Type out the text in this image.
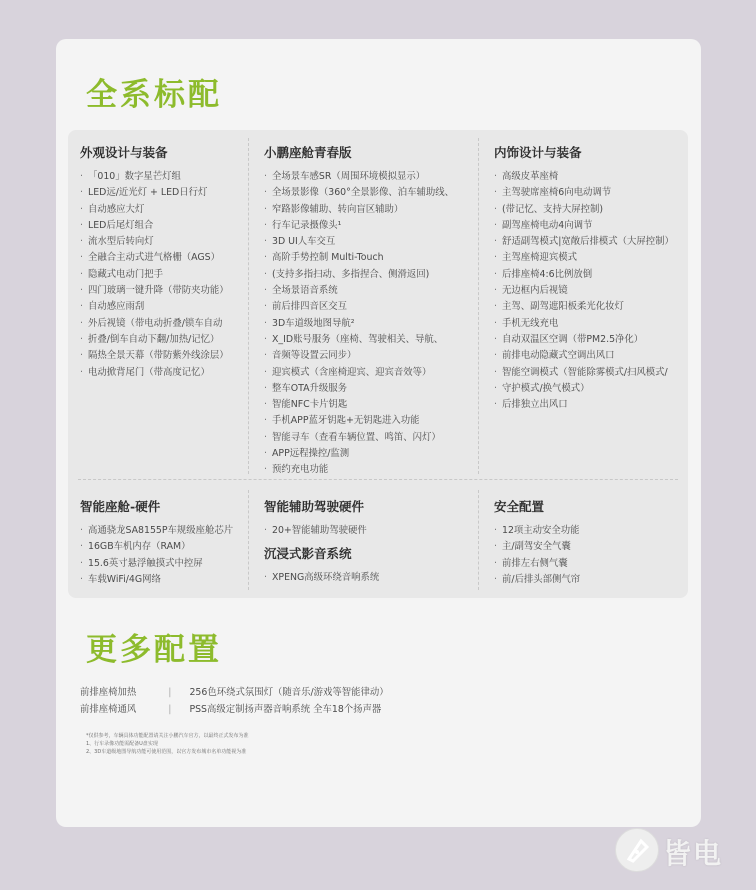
全系标配
外观设计与装备
· 「010」数字星芒灯组
· LED远/近光灯 + LED日行灯
· 自动感应大灯
· LED后尾灯组合
· 流水型后转向灯
· 全融合主动式进气格栅（AGS）
· 隐藏式电动门把手
· 四门玻璃一键升降（带防夹功能）
· 自动感应雨刮
· 外后视镜（带电动折叠/锁车自动
· 折叠/倒车自动下翻/加热/记忆）
· 隔热全景天幕（带防紫外线涂层）
· 电动掀背尾门（带高度记忆）
小鹏座舱青春版
· 全场景车感SR（周围环境模拟显示）
· 全场景影像（360°全景影像、泊车辅助线、
· 窄路影像辅助、转向盲区辅助）
· 行车记录摄像头¹
· 3D UI人车交互
· 高阶手势控制 Multi-Touch
· (支持多指扫动、多指捏合、侧滑返回)
· 全场景语音系统
· 前后排四音区交互
· 3D车道级地图导航²
· X_ID账号服务（座椅、驾驶相关、导航、
· 音频等设置云同步）
· 迎宾模式（含座椅迎宾、迎宾音效等）
· 整车OTA升级服务
· 智能NFC卡片钥匙
· 手机APP蓝牙钥匙+无钥匙进入功能
· 智能寻车（查看车辆位置、鸣笛、闪灯）
· APP远程操控/监测
· 预约充电功能
内饰设计与装备
· 高级皮革座椅
· 主驾驶席座椅6向电动调节
· (带记忆、支持大屏控制)
· 副驾座椅电动4向调节
· 舒适副驾模式|宽敞后排模式（大屏控制）
· 主驾座椅迎宾模式
· 后排座椅4:6比例放倒
· 无边框内后视镜
· 主驾、副驾遮阳板柔光化妆灯
· 手机无线充电
· 自动双温区空调（带PM2.5净化）
· 前排电动隐藏式空调出风口
· 智能空调模式（智能除雾模式/扫风模式/
· 守护模式/换气模式）
· 后排独立出风口
智能座舱-硬件
· 高通骁龙SA8155P车规级座舱芯片
· 16GB车机内存（RAM）
· 15.6英寸悬浮触摸式中控屏
· 车载WiFi/4G网络
智能辅助驾驶硬件
· 20+智能辅助驾驶硬件
沉浸式影音系统
· XPENG高级环绕音响系统
安全配置
· 12项主动安全功能
· 主/副驾安全气囊
· 前排左右侧气囊
· 前/后排头部侧气帘
更多配置
前排座椅加热	| 256色环绕式氛围灯（随音乐/游戏等智能律动）
前排座椅通风	| PSS高级定制扬声器音响系统 全车18个扬声器
*仅供参考，车辆具体功能配置请关注小鹏汽车官方，以最终正式发布为准
1、行车录像功能需配备U盘实现
2、3D车道级地图导航功能可使用范围，以官方发布城市名单功能视为准
皆电
